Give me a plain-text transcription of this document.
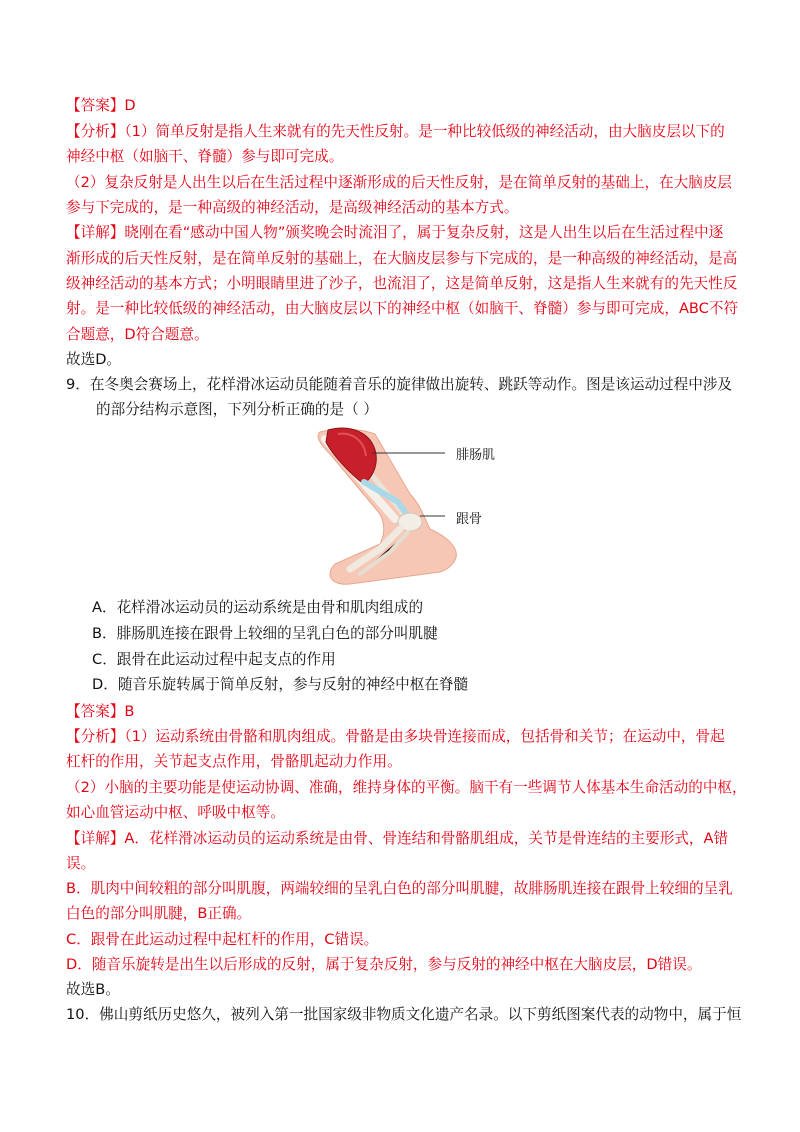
【答案】D
【分析】（1）简单反射是指人生来就有的先天性反射。是一种比较低级的神经活动，由大脑皮层以下的
神经中枢（如脑干、脊髓）参与即可完成。
（2）复杂反射是人出生以后在生活过程中逐渐形成的后天性反射，是在简单反射的基础上，在大脑皮层
参与下完成的，是一种高级的神经活动，是高级神经活动的基本方式。
【详解】晓刚在看“感动中国人物”颁奖晚会时流泪了，属于复杂反射，这是人出生以后在生活过程中逐
渐形成的后天性反射，是在简单反射的基础上，在大脑皮层参与下完成的，是一种高级的神经活动，是高
级神经活动的基本方式；小明眼睛里进了沙子，也流泪了，这是简单反射，这是指人生来就有的先天性反
射。是一种比较低级的神经活动，由大脑皮层以下的神经中枢（如脑干、脊髓）参与即可完成，ABC不符
合题意，D符合题意。
故选D。
9．在冬奥会赛场上，花样滑冰运动员能随着音乐的旋律做出旋转、跳跃等动作。图是该运动过程中涉及
的部分结构示意图，下列分析正确的是（ ）
腓肠肌
跟骨
A．花样滑冰运动员的运动系统是由骨和肌肉组成的
B．腓肠肌连接在跟骨上较细的呈乳白色的部分叫肌腱
C．跟骨在此运动过程中起支点的作用
D．随音乐旋转属于简单反射，参与反射的神经中枢在脊髓
【答案】B
【分析】（1）运动系统由骨骼和肌肉组成。骨骼是由多块骨连接而成，包括骨和关节；在运动中，骨起
杠杆的作用，关节起支点作用，骨骼肌起动力作用。
（2）小脑的主要功能是使运动协调、准确，维持身体的平衡。脑干有一些调节人体基本生命活动的中枢，
如心血管运动中枢、呼吸中枢等。
【详解】A．花样滑冰运动员的运动系统是由骨、骨连结和骨骼肌组成，关节是骨连结的主要形式，A错
误。
B．肌肉中间较粗的部分叫肌腹，两端较细的呈乳白色的部分叫肌腱，故腓肠肌连接在跟骨上较细的呈乳
白色的部分叫肌腱，B正确。
C．跟骨在此运动过程中起杠杆的作用，C错误。
D．随音乐旋转是出生以后形成的反射，属于复杂反射，参与反射的神经中枢在大脑皮层，D错误。
故选B。
10．佛山剪纸历史悠久，被列入第一批国家级非物质文化遗产名录。以下剪纸图案代表的动物中，属于恒
